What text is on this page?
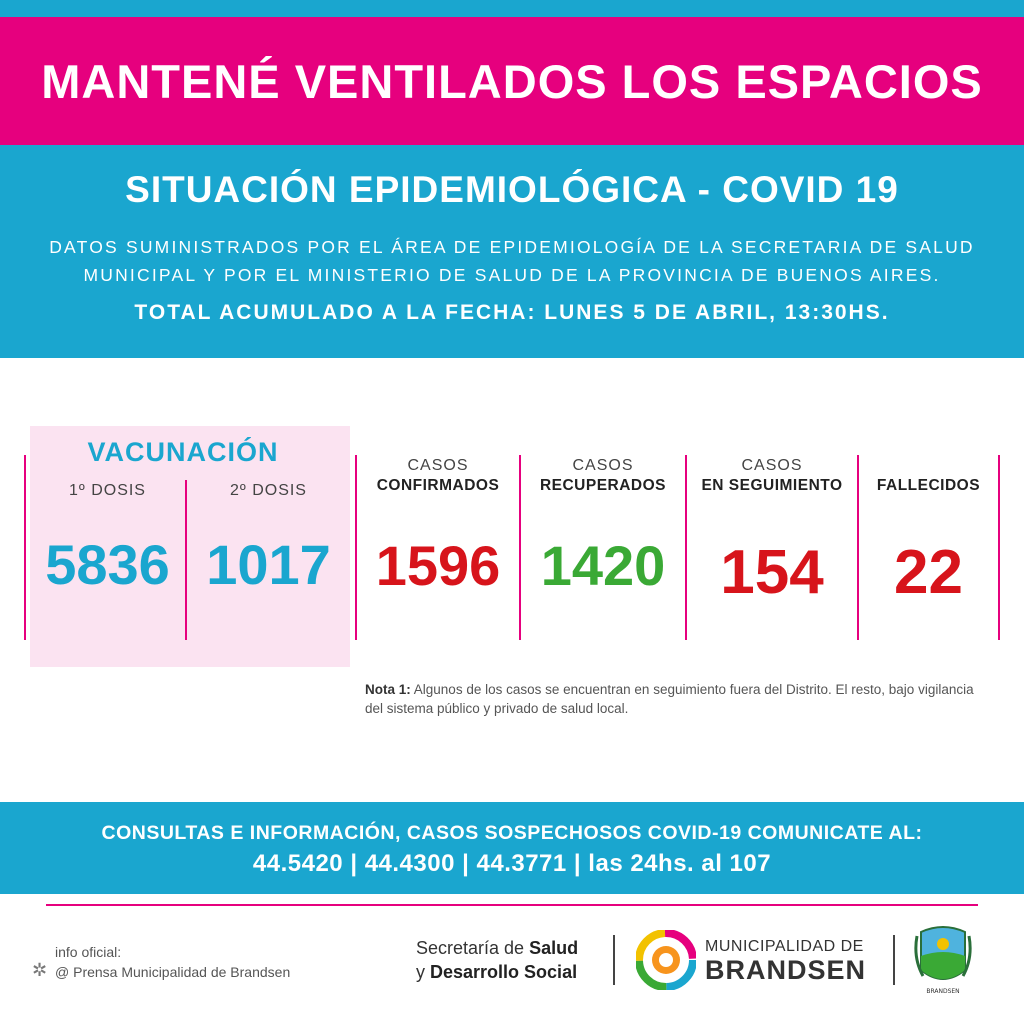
MANTENÉ VENTILADOS LOS ESPACIOS
SITUACIÓN EPIDEMIOLÓGICA - COVID 19
DATOS SUMINISTRADOS POR EL ÁREA DE EPIDEMIOLOGÍA DE LA SECRETARIA DE SALUD MUNICIPAL Y POR EL MINISTERIO DE SALUD DE LA PROVINCIA DE BUENOS AIRES.
TOTAL ACUMULADO A LA FECHA: LUNES 5 DE ABRIL, 13:30HS.
VACUNACIÓN
1º DOSIS
5836
2º DOSIS
1017
CASOS
CONFIRMADOS
1596
CASOS
RECUPERADOS
1420
CASOS
EN SEGUIMIENTO
154
FALLECIDOS
22
Nota 1: Algunos de los casos se encuentran en seguimiento fuera del Distrito. El resto, bajo vigilancia del sistema público y privado de salud local.
CONSULTAS E INFORMACIÓN, CASOS SOSPECHOSOS COVID-19 COMUNICATE AL:
44.5420 | 44.4300 | 44.3771 | las 24hs. al 107
✲
info oficial:
@ Prensa Municipalidad de Brandsen
Secretaría de Salud
y Desarrollo Social
MUNICIPALIDAD DE
BRANDSEN
BRANDSEN
